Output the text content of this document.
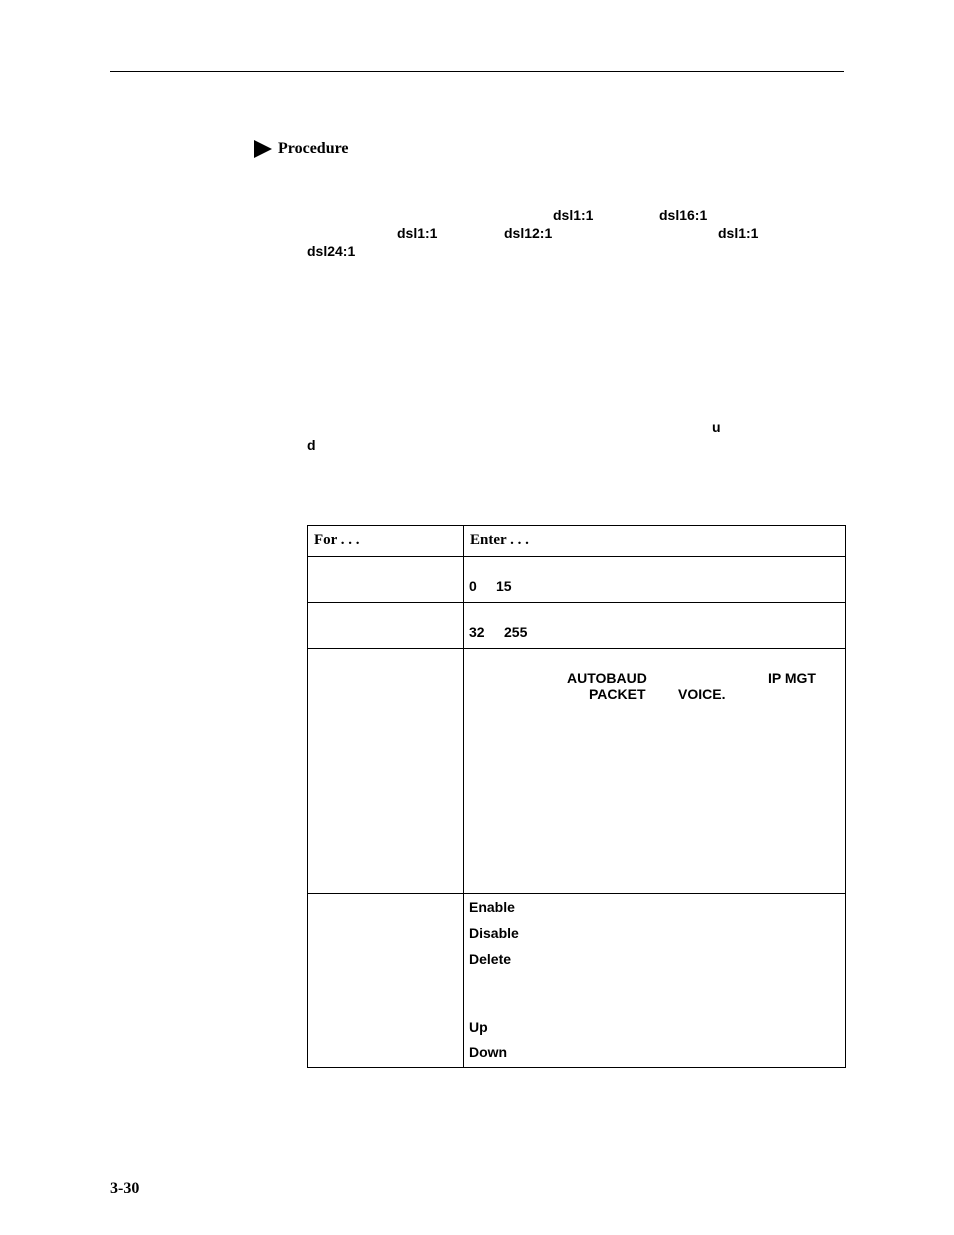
Procedure
dsl1:1	dsl16:1
dsl1:1	dsl12:1	dsl1:1
dsl24:1
u
d
For . . .	Enter . . .

	0 15

	32 255

	AUTOBAUD IP MGT
PACKET VOICE.

	Enable
Disable
Delete
Up
Down
3-30
